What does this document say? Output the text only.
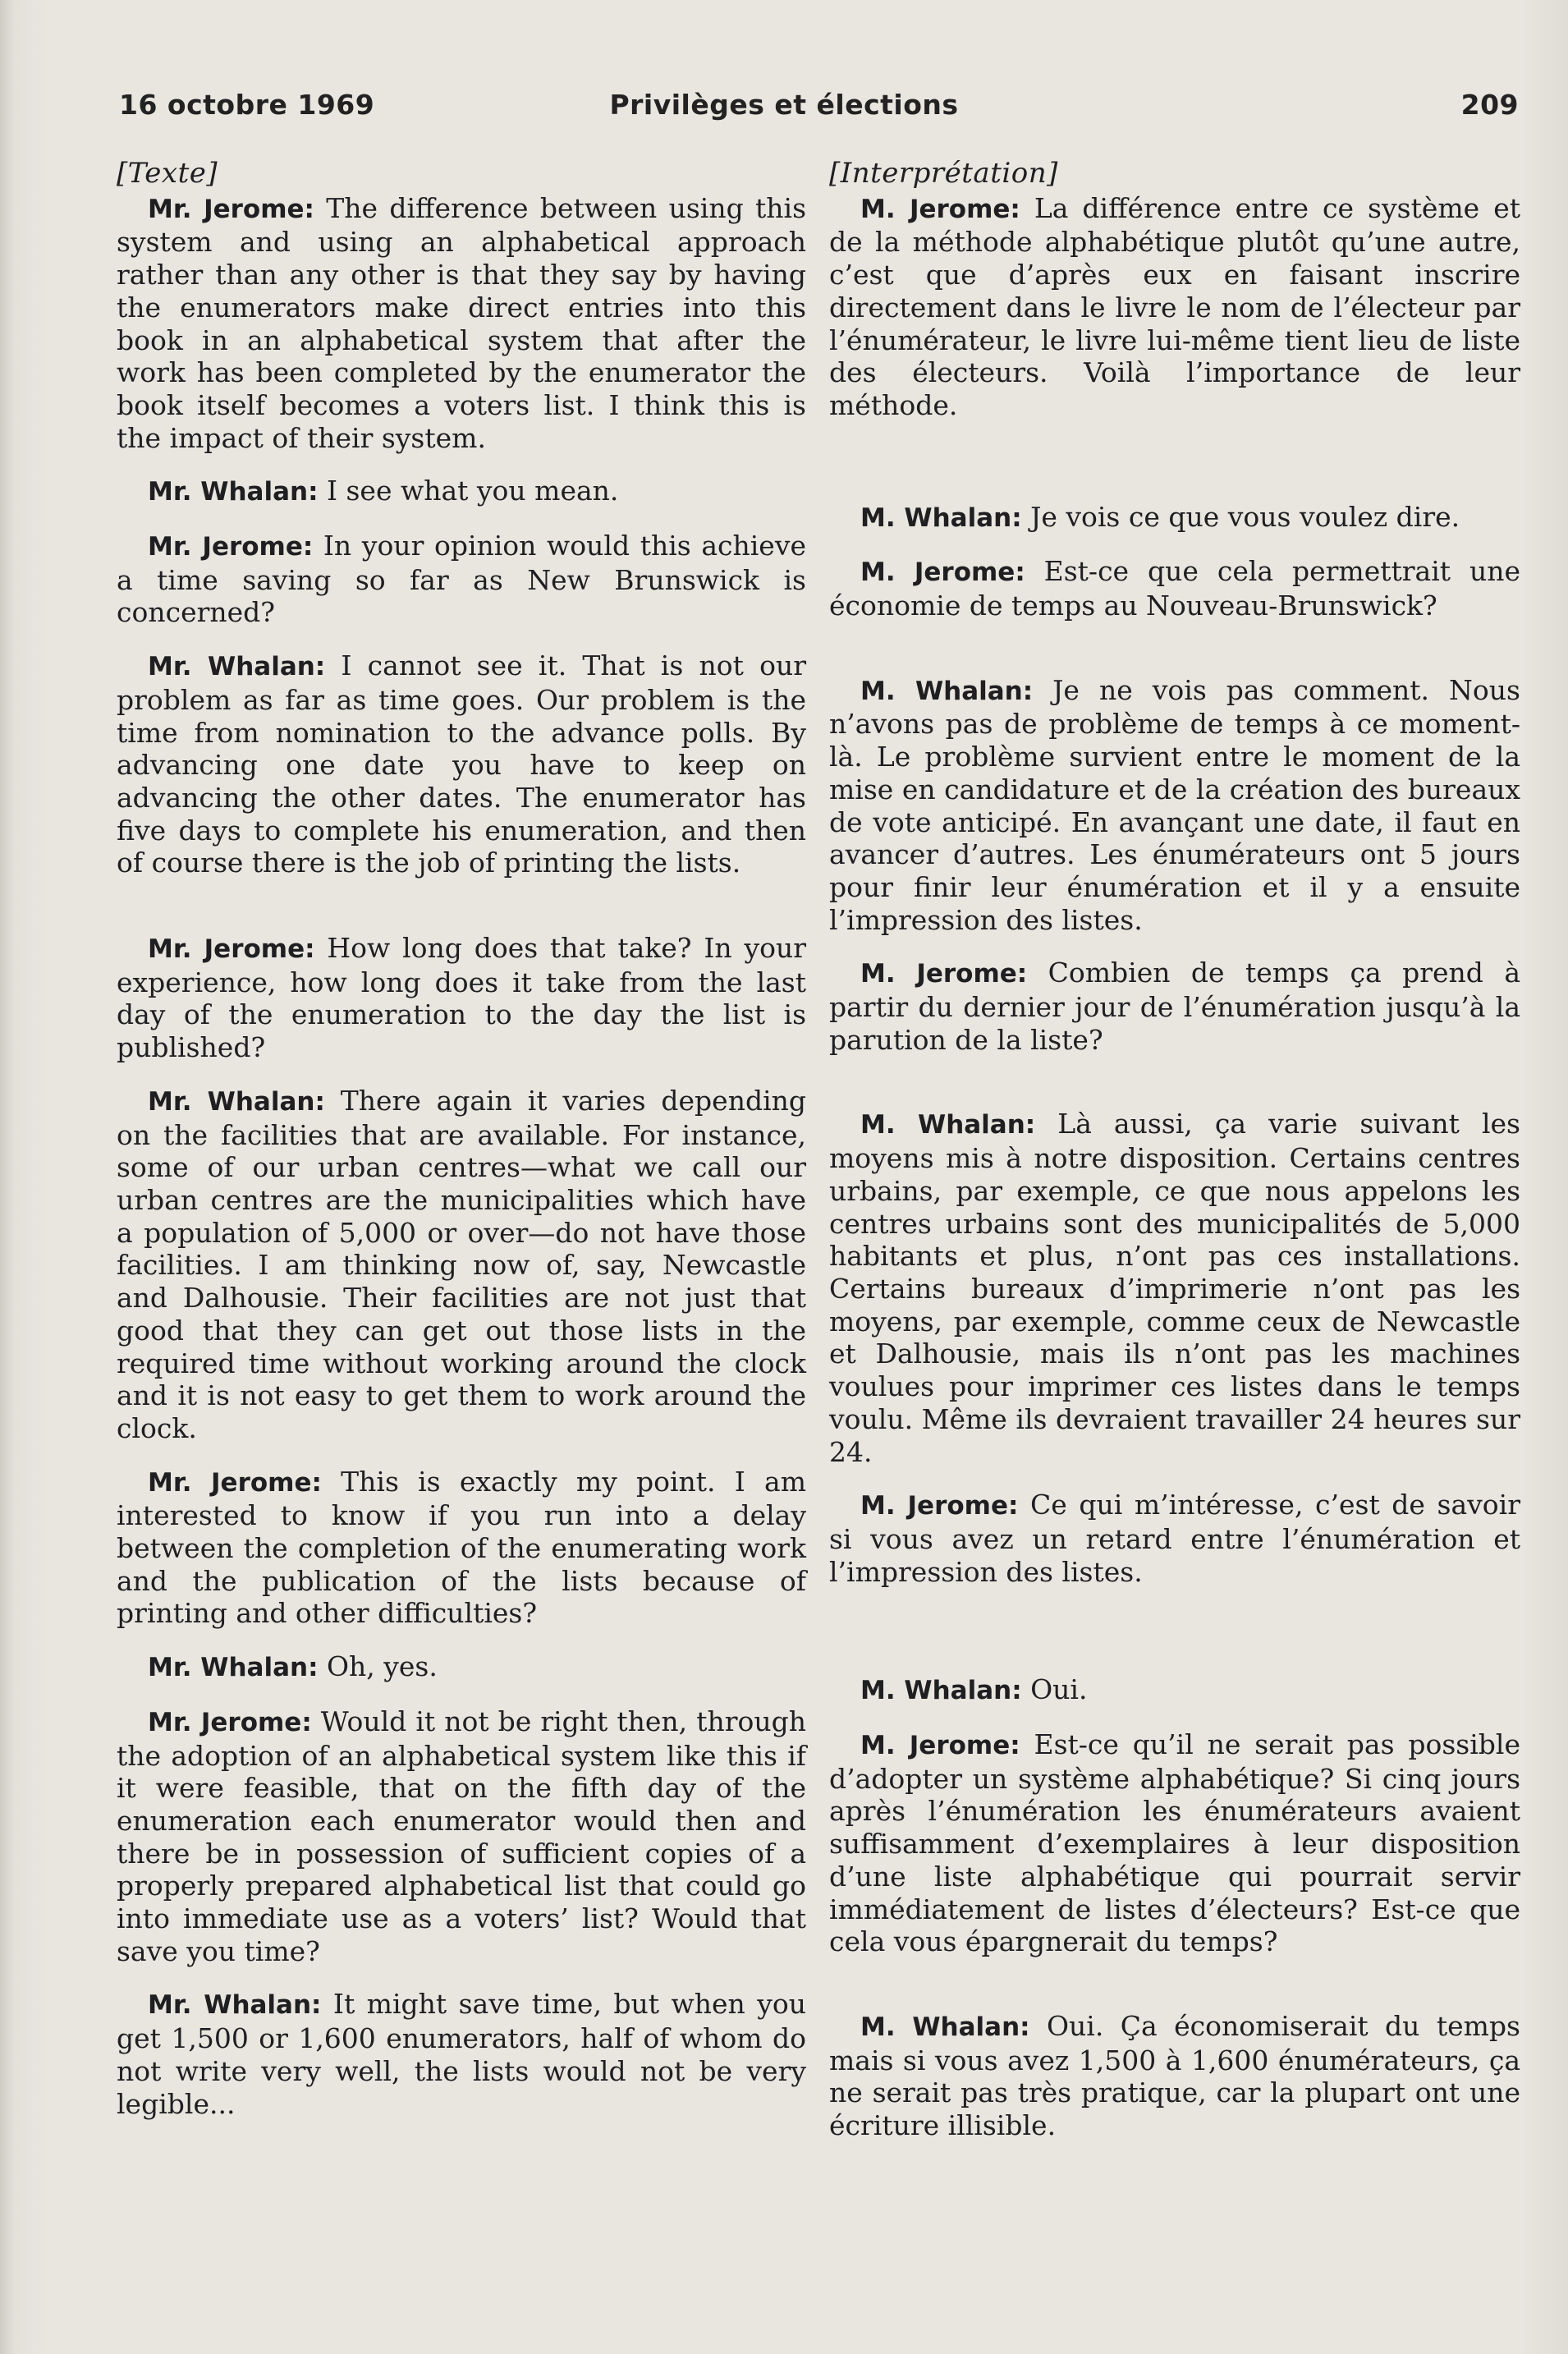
16 octobre 1969	Privilèges et élections	209

[Texte]

Mr. Jerome: The difference between using this system and using an alphabetical approach rather than any other is that they say by having the enumerators make direct entries into this book in an alphabetical system that after the work has been completed by the enumerator the book itself becomes a voters list. I think this is the impact of their system.

Mr. Whalan: I see what you mean.

Mr. Jerome: In your opinion would this achieve a time saving so far as New Brunswick is concerned?

Mr. Whalan: I cannot see it. That is not our problem as far as time goes. Our problem is the time from nomination to the advance polls. By advancing one date you have to keep on advancing the other dates. The enumerator has five days to complete his enumeration, and then of course there is the job of printing the lists.

Mr. Jerome: How long does that take? In your experience, how long does it take from the last day of the enumeration to the day the list is published?

Mr. Whalan: There again it varies depending on the facilities that are available. For instance, some of our urban centres—what we call our urban centres are the municipalities which have a population of 5,000 or over—do not have those facilities. I am thinking now of, say, Newcastle and Dalhousie. Their facilities are not just that good that they can get out those lists in the required time without working around the clock and it is not easy to get them to work around the clock.

Mr. Jerome: This is exactly my point. I am interested to know if you run into a delay between the completion of the enumerating work and the publication of the lists because of printing and other difficulties?

Mr. Whalan: Oh, yes.

Mr. Jerome: Would it not be right then, through the adoption of an alphabetical system like this if it were feasible, that on the fifth day of the enumeration each enumerator would then and there be in possession of sufficient copies of a properly prepared alphabetical list that could go into immediate use as a voters’ list? Would that save you time?

Mr. Whalan: It might save time, but when you get 1,500 or 1,600 enumerators, half of whom do not write very well, the lists would not be very legible...

[Interprétation]

M. Jerome: La différence entre ce système et de la méthode alphabétique plutôt qu’une autre, c’est que d’après eux en faisant inscrire directement dans le livre le nom de l’électeur par l’énumérateur, le livre lui-même tient lieu de liste des électeurs. Voilà l’importance de leur méthode.

M. Whalan: Je vois ce que vous voulez dire.

M. Jerome: Est-ce que cela permettrait une économie de temps au Nouveau-Brunswick?

M. Whalan: Je ne vois pas comment. Nous n’avons pas de problème de temps à ce moment-là. Le problème survient entre le moment de la mise en candidature et de la création des bureaux de vote anticipé. En avançant une date, il faut en avancer d’autres. Les énumérateurs ont 5 jours pour finir leur énumération et il y a ensuite l’impression des listes.

M. Jerome: Combien de temps ça prend à partir du dernier jour de l’énumération jusqu’à la parution de la liste?

M. Whalan: Là aussi, ça varie suivant les moyens mis à notre disposition. Certains centres urbains, par exemple, ce que nous appelons les centres urbains sont des municipalités de 5,000 habitants et plus, n’ont pas ces installations. Certains bureaux d’imprimerie n’ont pas les moyens, par exemple, comme ceux de Newcastle et Dalhousie, mais ils n’ont pas les machines voulues pour imprimer ces listes dans le temps voulu. Même ils devraient travailler 24 heures sur 24.

M. Jerome: Ce qui m’intéresse, c’est de savoir si vous avez un retard entre l’énumération et l’impression des listes.

M. Whalan: Oui.

M. Jerome: Est-ce qu’il ne serait pas possible d’adopter un système alphabétique? Si cinq jours après l’énumération les énumérateurs avaient suffisamment d’exemplaires à leur disposition d’une liste alphabétique qui pourrait servir immédiatement de listes d’électeurs? Est-ce que cela vous épargnerait du temps?

M. Whalan: Oui. Ça économiserait du temps mais si vous avez 1,500 à 1,600 énumérateurs, ça ne serait pas très pratique, car la plupart ont une écriture illisible.
